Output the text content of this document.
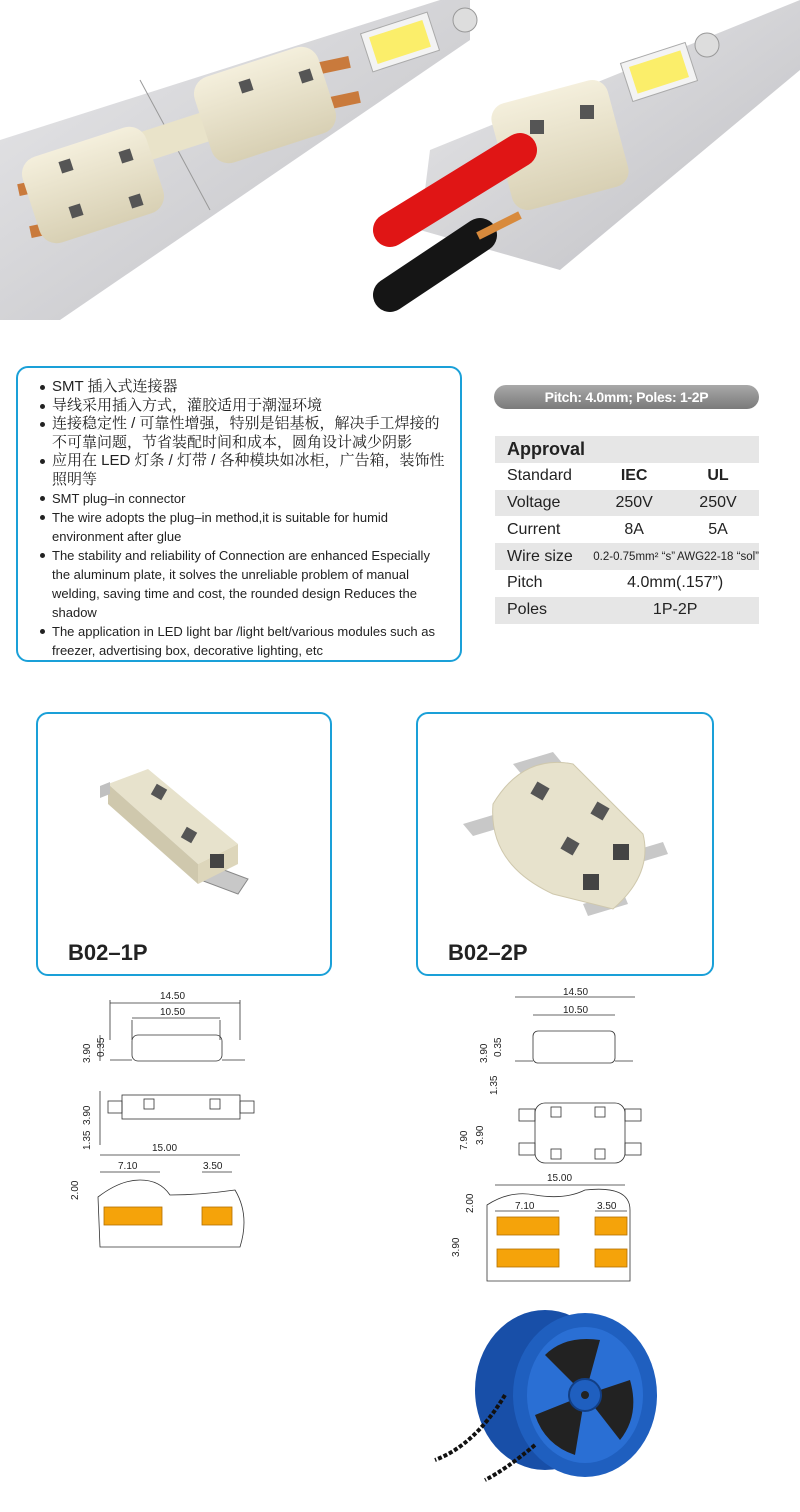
SMT 插入式连接器
导线采用插入方式，灌胶适用于潮湿环境
连接稳定性 / 可靠性增强，特别是铝基板，解决手工焊接的不可靠问题，节省装配时间和成本，圆角设计减少阴影
应用在 LED 灯条 / 灯带 / 各种模块如冰柜，广告箱，装饰性照明等
SMT plug–in connector
The wire adopts the plug–in method,it is suitable for humid environment after glue
The stability and reliability of Connection are enhanced Especially the aluminum plate, it solves the unreliable problem of manual welding, saving time and cost, the rounded design Reduces the shadow
The application in LED light bar /light belt/various modules such as freezer, advertising box, decorative lighting, etc
Pitch: 4.0mm; Poles: 1-2P
Approval		
Standard	IEC	UL
Voltage	250V	250V
Current	8A	5A
Wire size	0.2-0.75mm² “s”	AWG22-18 “sol”
Pitch	4.0mm(.157”)	
Poles	1P-2P	
B02–1P	B02–2P
14.50
10.50
3.90 0.35
3.90
1.35	15.00
7.10	3.50
2.00
14.50
10.50
3.90 0.35
1.35
7.90 3.90
15.00
7.10	3.50
2.00
3.90
